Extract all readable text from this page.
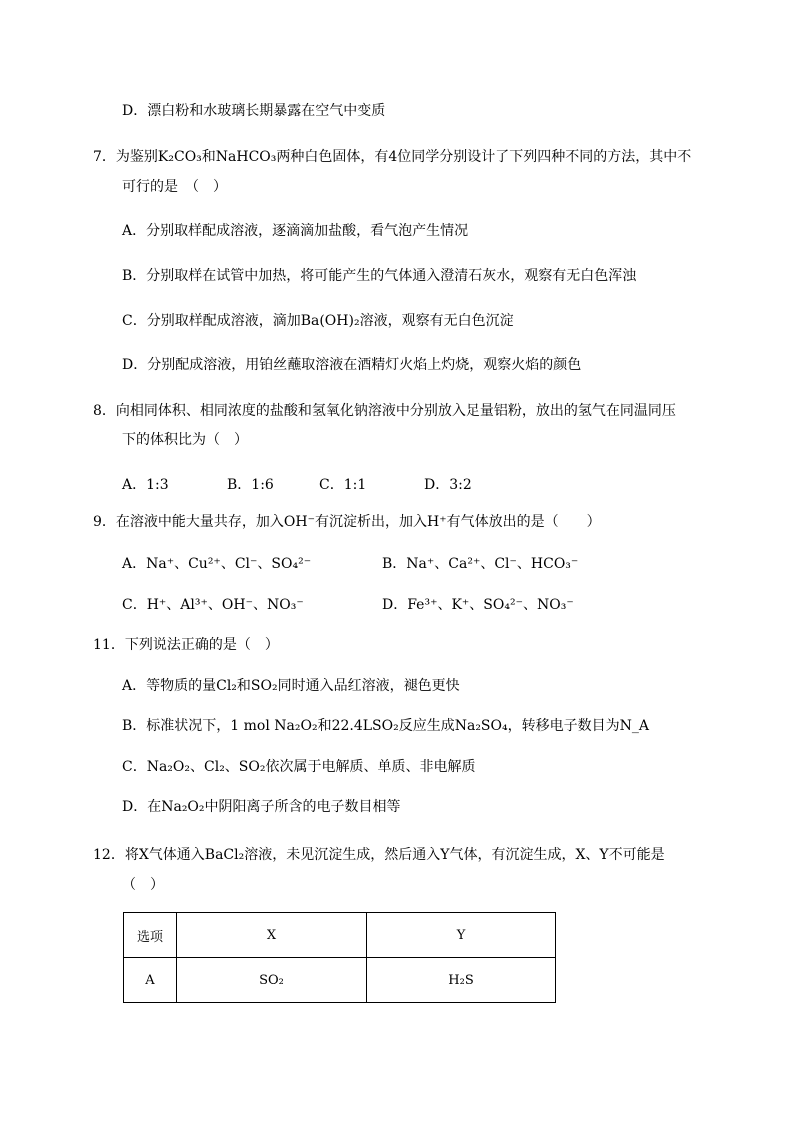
D．漂白粉和水玻璃长期暴露在空气中变质
7．为鉴别K₂CO₃和NaHCO₃两种白色固体，有4位同学分别设计了下列四种不同的方法，其中不
可行的是　（　）
A．分别取样配成溶液，逐滴滴加盐酸，看气泡产生情况
B．分别取样在试管中加热，将可能产生的气体通入澄清石灰水，观察有无白色浑浊
C．分别取样配成溶液，滴加Ba(OH)₂溶液，观察有无白色沉淀
D．分别配成溶液，用铂丝蘸取溶液在酒精灯火焰上灼烧，观察火焰的颜色
8．向相同体积、相同浓度的盐酸和氢氧化钠溶液中分别放入足量铝粉，放出的氢气在同温同压
下的体积比为（　）
A．1:3	B．1:6	C．1:1	D．3:2
9．在溶液中能大量共存，加入OH⁻有沉淀析出，加入H⁺有气体放出的是（　　）
A．Na⁺、Cu²⁺、Cl⁻、SO₄²⁻	B．Na⁺、Ca²⁺、Cl⁻、HCO₃⁻
C．H⁺、Al³⁺、OH⁻、NO₃⁻	D．Fe³⁺、K⁺、SO₄²⁻、NO₃⁻
11．下列说法正确的是（　）
A．等物质的量Cl₂和SO₂同时通入品红溶液，褪色更快
B．标准状况下，1 mol Na₂O₂和22.4LSO₂反应生成Na₂SO₄，转移电子数目为N_A
C．Na₂O₂、Cl₂、SO₂依次属于电解质、单质、非电解质
D．在Na₂O₂中阴阳离子所含的电子数目相等
12．将X气体通入BaCl₂溶液，未见沉淀生成，然后通入Y气体，有沉淀生成，X、Y不可能是
（　）
选项	X	Y
A	SO₂	H₂S
